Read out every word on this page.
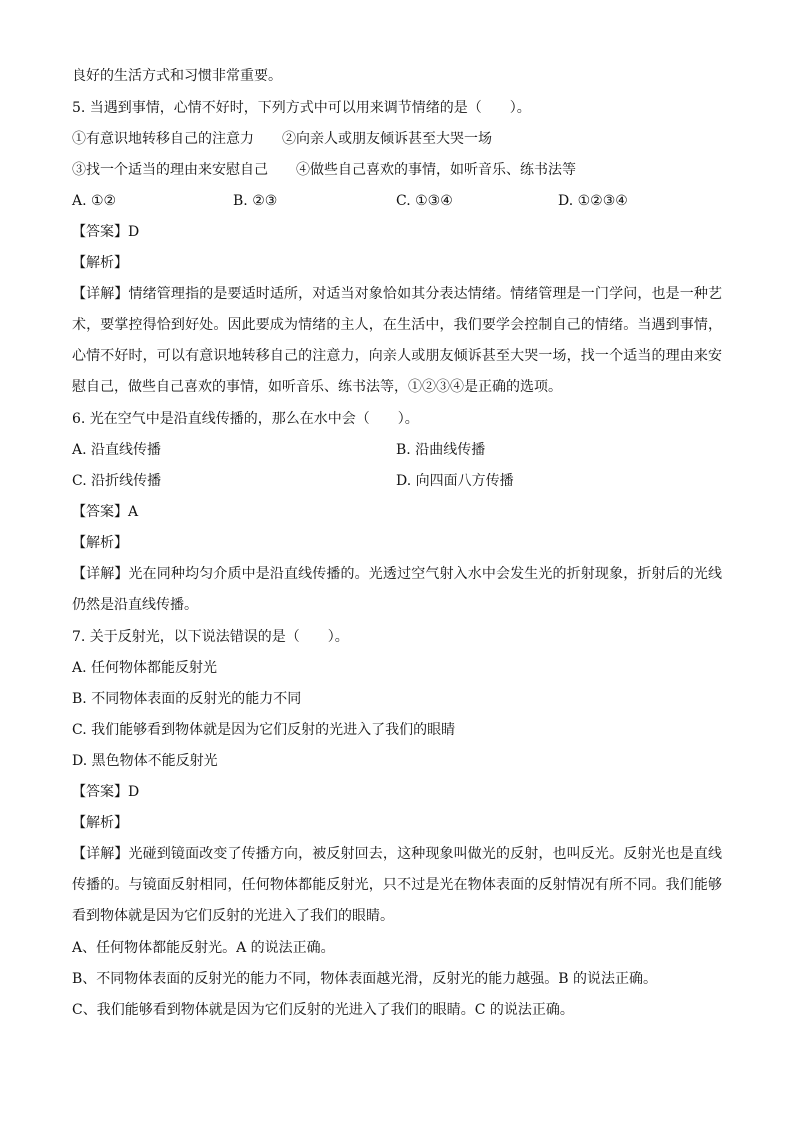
良好的生活方式和习惯非常重要。
5. 当遇到事情，心情不好时，下列方式中可以用来调节情绪的是（　　）。
①有意识地转移自己的注意力　　②向亲人或朋友倾诉甚至大哭一场
③找一个适当的理由来安慰自己　　④做些自己喜欢的事情，如听音乐、练书法等
A. ①②	B. ②③	C. ①③④	D. ①②③④
【答案】D
【解析】
【详解】情绪管理指的是要适时适所，对适当对象恰如其分表达情绪。情绪管理是一门学问，也是一种艺术，要掌控得恰到好处。因此要成为情绪的主人，在生活中，我们要学会控制自己的情绪。当遇到事情，心情不好时，可以有意识地转移自己的注意力，向亲人或朋友倾诉甚至大哭一场，找一个适当的理由来安慰自己，做些自己喜欢的事情，如听音乐、练书法等，①②③④是正确的选项。
6. 光在空气中是沿直线传播的，那么在水中会（　　）。
A. 沿直线传播	B. 沿曲线传播
C. 沿折线传播	D. 向四面八方传播
【答案】A
【解析】
【详解】光在同种均匀介质中是沿直线传播的。光透过空气射入水中会发生光的折射现象，折射后的光线仍然是沿直线传播。
7. 关于反射光，以下说法错误的是（　　）。
A. 任何物体都能反射光
B. 不同物体表面的反射光的能力不同
C. 我们能够看到物体就是因为它们反射的光进入了我们的眼睛
D. 黑色物体不能反射光
【答案】D
【解析】
【详解】光碰到镜面改变了传播方向，被反射回去，这种现象叫做光的反射，也叫反光。反射光也是直线传播的。与镜面反射相同，任何物体都能反射光，只不过是光在物体表面的反射情况有所不同。我们能够看到物体就是因为它们反射的光进入了我们的眼睛。
A、任何物体都能反射光。A 的说法正确。
B、不同物体表面的反射光的能力不同，物体表面越光滑，反射光的能力越强。B 的说法正确。
C、我们能够看到物体就是因为它们反射的光进入了我们的眼睛。C 的说法正确。
